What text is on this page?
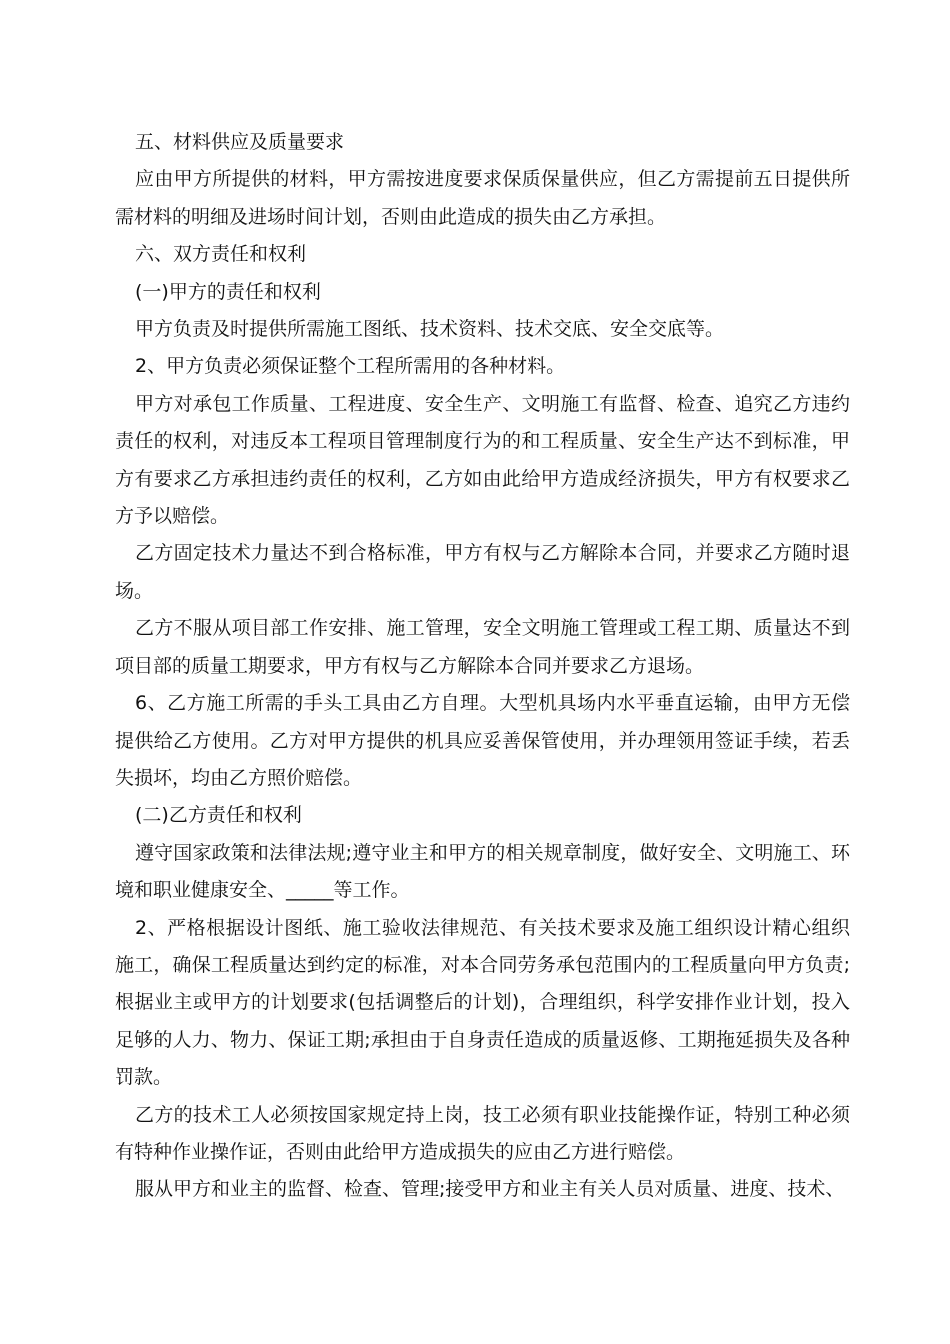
五、材料供应及质量要求

应由甲方所提供的材料，甲方需按进度要求保质保量供应，但乙方需提前五日提供所需材料的明细及进场时间计划，否则由此造成的损失由乙方承担。

六、双方责任和权利

(一)甲方的责任和权利

甲方负责及时提供所需施工图纸、技术资料、技术交底、安全交底等。

2、甲方负责必须保证整个工程所需用的各种材料。

甲方对承包工作质量、工程进度、安全生产、文明施工有监督、检查、追究乙方违约责任的权利，对违反本工程项目管理制度行为的和工程质量、安全生产达不到标准，甲方有要求乙方承担违约责任的权利，乙方如由此给甲方造成经济损失，甲方有权要求乙方予以赔偿。

乙方固定技术力量达不到合格标准，甲方有权与乙方解除本合同，并要求乙方随时退场。

乙方不服从项目部工作安排、施工管理，安全文明施工管理或工程工期、质量达不到项目部的质量工期要求，甲方有权与乙方解除本合同并要求乙方退场。

6、乙方施工所需的手头工具由乙方自理。大型机具场内水平垂直运输，由甲方无偿提供给乙方使用。乙方对甲方提供的机具应妥善保管使用，并办理领用签证手续，若丢失损坏，均由乙方照价赔偿。

(二)乙方责任和权利

遵守国家政策和法律法规;遵守业主和甲方的相关规章制度，做好安全、文明施工、环境和职业健康安全、_____等工作。

2、严格根据设计图纸、施工验收法律规范、有关技术要求及施工组织设计精心组织施工，确保工程质量达到约定的标准，对本合同劳务承包范围内的工程质量向甲方负责;根据业主或甲方的计划要求(包括调整后的计划)，合理组织，科学安排作业计划，投入足够的人力、物力、保证工期;承担由于自身责任造成的质量返修、工期拖延损失及各种罚款。

乙方的技术工人必须按国家规定持上岗，技工必须有职业技能操作证，特别工种必须有特种作业操作证，否则由此给甲方造成损失的应由乙方进行赔偿。

服从甲方和业主的监督、检查、管理;接受甲方和业主有关人员对质量、进度、技术、
